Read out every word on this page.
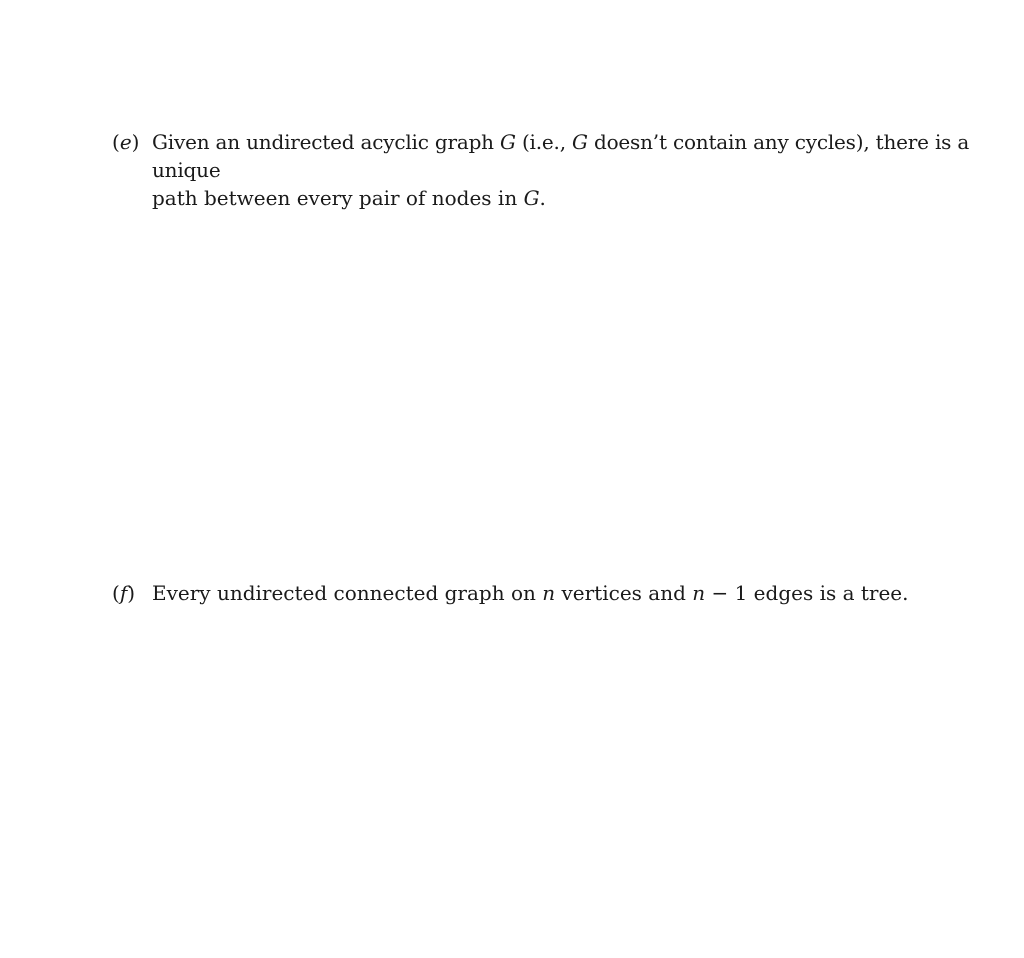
(e) Given an undirected acyclic graph G (i.e., G doesn’t contain any cycles), there is a unique
path between every pair of nodes in G.
(f) Every undirected connected graph on n vertices and n − 1 edges is a tree.
